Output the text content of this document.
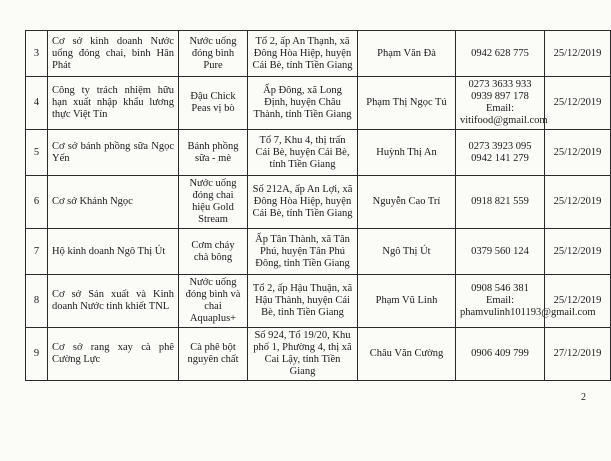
3	Cơ sở kinh doanh Nước uống đóng chai, bình Hân Phát	Nước uống đóng bình Pure	Tổ 2, ấp An Thạnh, xã Đông Hòa Hiệp, huyện Cái Bè, tỉnh Tiền Giang	Phạm Văn Đà	0942 628 775	25/12/2019
4	Công ty trách nhiệm hữu hạn xuất nhập khẩu lương thực Việt Tín	Đậu Chick Peas vị bò	Ấp Đông, xã Long Định, huyện Châu Thành, tỉnh Tiền Giang	Phạm Thị Ngọc Tú	0273 3633 933
0939 897 178
Email:
vitifood@gmail.com	25/12/2019
5	Cơ sở bánh phồng sữa Ngọc Yến	Bánh phồng sữa - mè	Tổ 7, Khu 4, thị trấn Cái Bè, huyện Cái Bè, tỉnh Tiền Giang	Huỳnh Thị An	0273 3923 095
0942 141 279	25/12/2019
6	Cơ sở Khánh Ngọc	Nước uống đóng chai hiệu Gold Stream	Số 212A, ấp An Lợi, xã Đông Hòa Hiệp, huyện Cái Bè, tỉnh Tiền Giang	Nguyễn Cao Trí	0918 821 559	25/12/2019
7	Hộ kinh doanh Ngô Thị Út	Cơm cháy chà bông	Ấp Tân Thành, xã Tân Phú, huyện Tân Phú Đông, tỉnh Tiền Giang	Ngô Thị Út	0379 560 124	25/12/2019
8	Cơ sở Sản xuất và Kinh doanh Nước tinh khiết TNL	Nước uống đóng bình và chai Aquaplus+	Tổ 2, ấp Hậu Thuận, xã Hậu Thành, huyện Cái Bè, tỉnh Tiền Giang	Phạm Vũ Linh	0908 546 381
Email:
phamvulinh101193@gmail.com	25/12/2019
9	Cơ sở rang xay cà phê Cường Lực	Cà phê bột nguyên chất	Số 924, Tổ 19/20, Khu phố 1, Phường 4, thị xã Cai Lậy, tỉnh Tiền Giang	Châu Văn Cường	0906 409 799	27/12/2019
2
